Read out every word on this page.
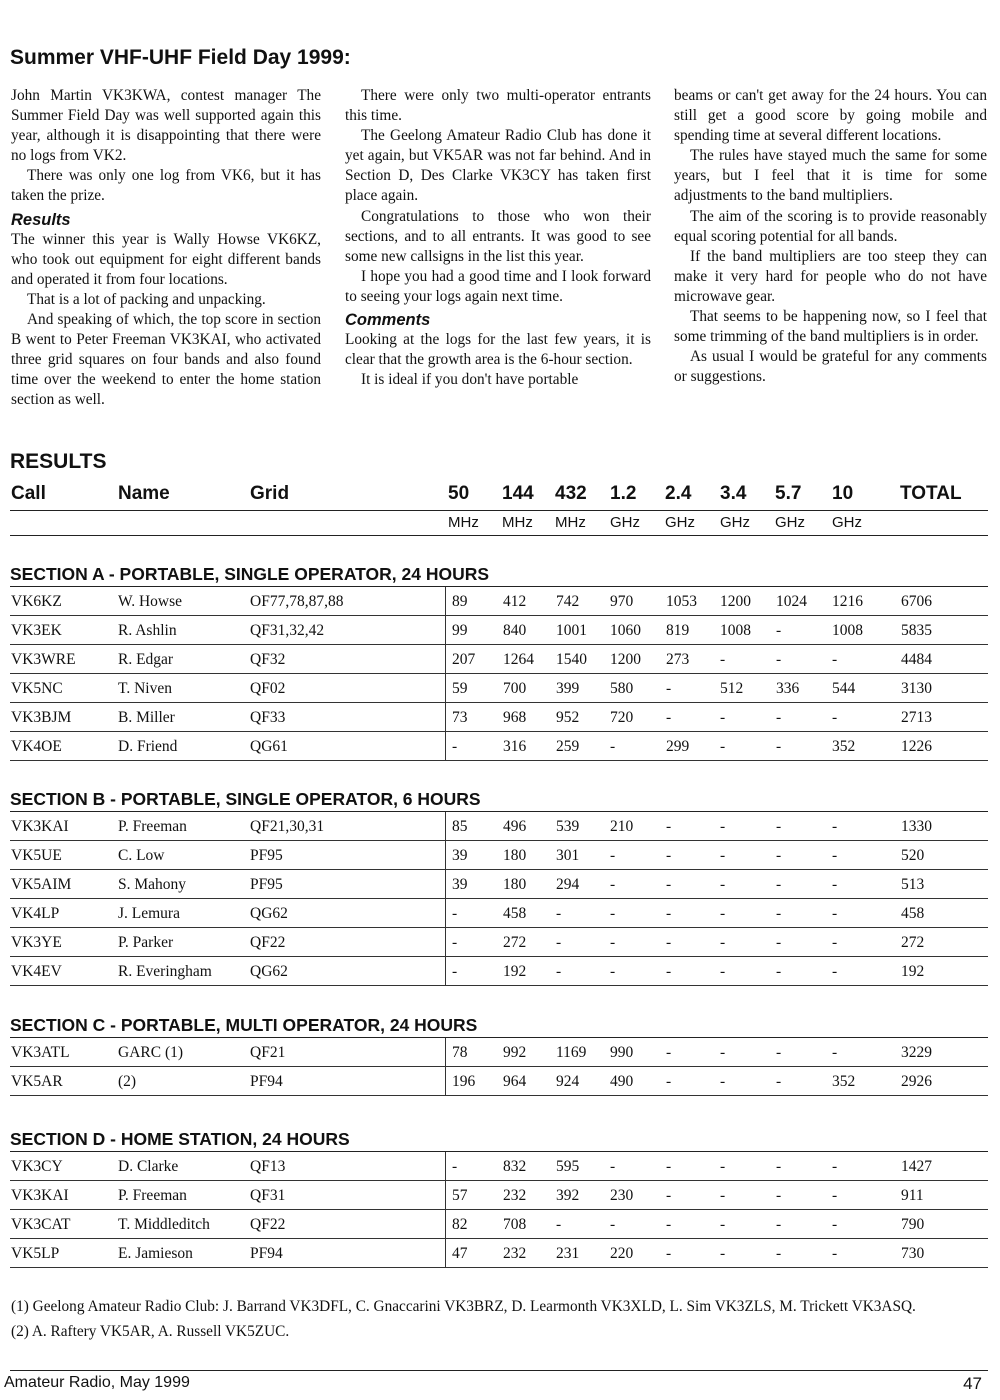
Summer VHF-UHF Field Day 1999:

John Martin VK3KWA, contest manager The Summer Field Day was well supported again this year, although it is disappointing that there were no logs from VK2.

There was only one log from VK6, but it has taken the prize.

Results

The winner this year is Wally Howse VK6KZ, who took out equipment for eight different bands and operated it from four locations.

That is a lot of packing and unpacking.

And speaking of which, the top score in section B went to Peter Freeman VK3KAI, who activated three grid squares on four bands and also found time over the weekend to enter the home station section as well.

There were only two multi-operator entrants this time.

The Geelong Amateur Radio Club has done it yet again, but VK5AR was not far behind. And in Section D, Des Clarke VK3CY has taken first place again.

Congratulations to those who won their sections, and to all entrants. It was good to see some new callsigns in the list this year.

I hope you had a good time and I look forward to seeing your logs again next time.

Comments

Looking at the logs for the last few years, it is clear that the growth area is the 6-hour section.

It is ideal if you don't have portable

beams or can't get away for the 24 hours. You can still get a good score by going mobile and spending time at several different locations.

The rules have stayed much the same for some years, but I feel that it is time for some adjustments to the band multipliers.

The aim of the scoring is to provide reasonably equal scoring potential for all bands.

If the band multipliers are too steep they can make it very hard for people who do not have microwave gear.

That seems to be happening now, so I feel that some trimming of the band multipliers is in order.

As usual I would be grateful for any comments or suggestions.

RESULTS
Call	Name	Grid	50 144 432 1.2 2.4 3.4 5.7 10 TOTAL
MHz MHz MHz GHz GHz GHz GHz GHz
SECTION A - PORTABLE, SINGLE OPERATOR, 24 HOURS
VK6KZ	W. Howse	OF77,78,87,88	89 412 742 970 1053 1200 1024 1216 6706
VK3EK	R. Ashlin	QF31,32,42	99 840 1001 1060 819 1008 -	1008 5835
VK3WRE	R. Edgar	QF32	207 1264 1540 1200 273 -	-	-	4484
VK5NC	T. Niven	QF02	59 700 399 580 -	512 336 544	3130
VK3BJM	B. Miller	QF33	73 968 952 720 -	-	-	-	2713
VK4OE	D. Friend	QG61	-	316 259 -	299 -	-	352	1226
SECTION B - PORTABLE, SINGLE OPERATOR, 6 HOURS
VK3KAI	P. Freeman	QF21,30,31	85 496 539 210 -	-	-	-	1330
VK5UE	C. Low	PF95	39 180 301 -	-	-	-	-	520
VK5AIM	S. Mahony	PF95	39 180 294 -	-	-	-	-	513
VK4LP	J. Lemura	QG62	-	458 -	-	-	-	-	-	458
VK3YE	P. Parker	QF22	-	272 -	-	-	-	-	-	272
VK4EV	R. Everingham QG62	-	192 -	-	-	-	-	-	192
SECTION C - PORTABLE, MULTI OPERATOR, 24 HOURS
VK3ATL	GARC (1)	QF21	78 992 1169 990 -	-	-	-	3229
VK5AR	(2)	PF94	196 964 924 490 -	-	-	352	2926
SECTION D - HOME STATION, 24 HOURS
VK3CY	D. Clarke	QF13	-	832 595 -	-	-	-	-	1427
VK3KAI	P. Freeman	QF31	57 232 392 230 -	-	-	-	911
VK3CAT	T. Middleditch	QF22	82 708 -	-	-	-	-	-	790
VK5LP	E. Jamieson	PF94	47 232 231 220 -	-	-	-	730

(1) Geelong Amateur Radio Club: J. Barrand VK3DFL, C. Gnaccarini VK3BRZ, D. Learmonth VK3XLD, L. Sim VK3ZLS, M. Trickett VK3ASQ.

(2) A. Raftery VK5AR, A. Russell VK5ZUC.

Amateur Radio, May 1999	47
